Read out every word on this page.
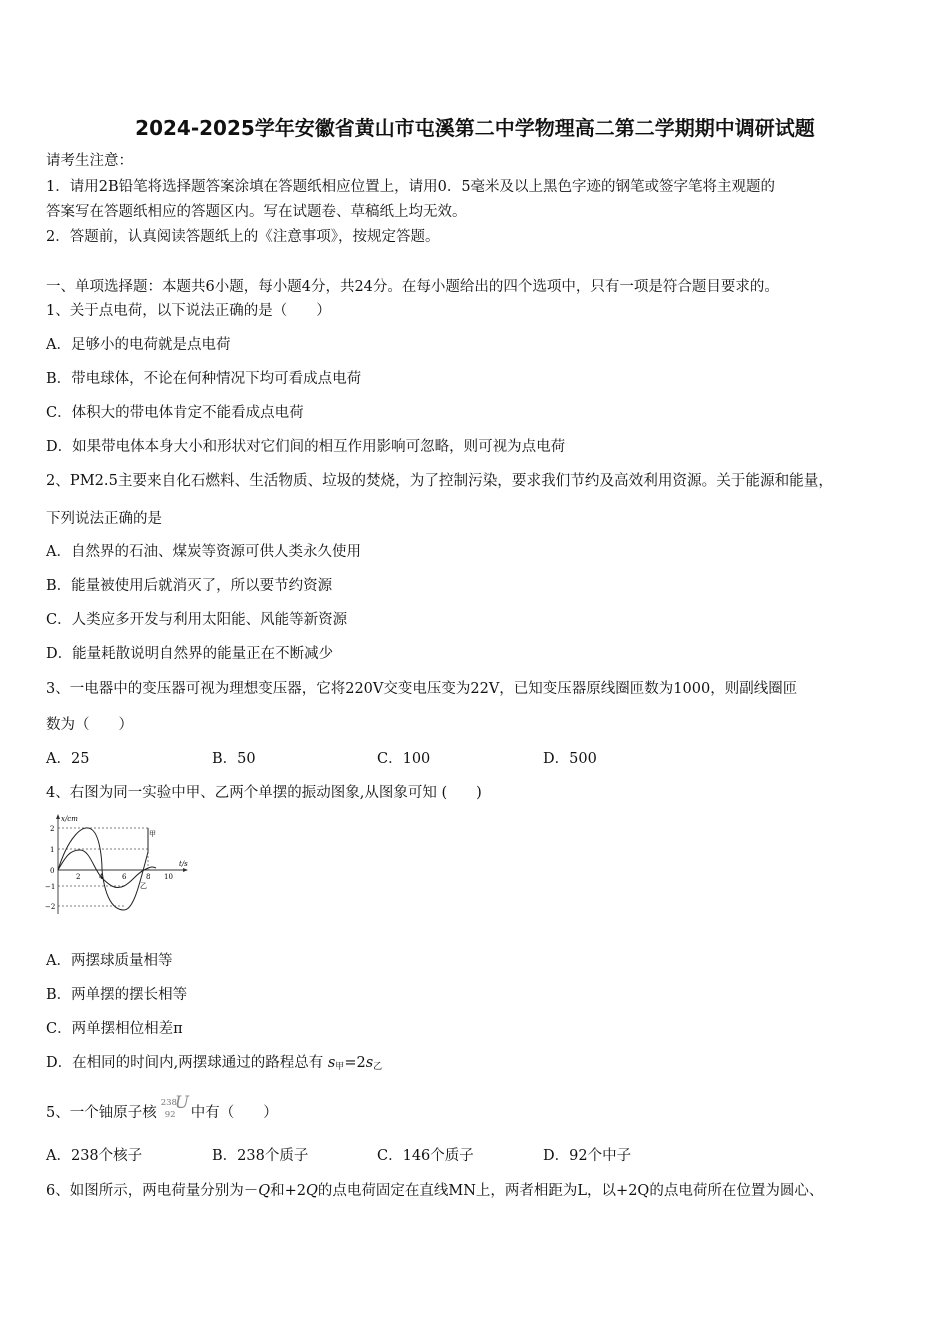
2024-2025学年安徽省黄山市屯溪第二中学物理高二第二学期期中调研试题
请考生注意：
1．请用2B铅笔将选择题答案涂填在答题纸相应位置上，请用0．5毫米及以上黑色字迹的钢笔或签字笔将主观题的
答案写在答题纸相应的答题区内。写在试题卷、草稿纸上均无效。
2．答题前，认真阅读答题纸上的《注意事项》，按规定答题。
一、单项选择题：本题共6小题，每小题4分，共24分。在每小题给出的四个选项中，只有一项是符合题目要求的。
1、关于点电荷，以下说法正确的是（　　）
A．足够小的电荷就是点电荷
B．带电球体，不论在何种情况下均可看成点电荷
C．体积大的带电体肯定不能看成点电荷
D．如果带电体本身大小和形状对它们间的相互作用影响可忽略，则可视为点电荷
2、PM2.5主要来自化石燃料、生活物质、垃圾的焚烧，为了控制污染，要求我们节约及高效利用资源。关于能源和能量，
下列说法正确的是
A．自然界的石油、煤炭等资源可供人类永久使用
B．能量被使用后就消灭了，所以要节约资源
C．人类应多开发与利用太阳能、风能等新资源
D．能量耗散说明自然界的能量正在不断减少
3、一电器中的变压器可视为理想变压器，它将220V交变电压变为22V，已知变压器原线圈匝数为1000，则副线圈匝
数为（　　）
A．25	B．50	C．100	D．500
4、右图为同一实验中甲、乙两个单摆的振动图象,从图象可知 (　　)
x/cm
t/s
2
1
0
−1
−2
2	4	6	8 10
甲
乙
A．两摆球质量相等
B．两单摆的摆长相等
C．两单摆相位相差π
D．在相同的时间内,两摆球通过的路程总有 $s_甲=2s_乙$
5、一个铀原子核
238
92
U 中有（　　）
A．238个核子	B．238个质子	C．146个质子	D．92个中子
6、如图所示，两电荷量分别为－Q和+2Q的点电荷固定在直线MN上，两者相距为L，以+2Q的点电荷所在位置为圆心、
